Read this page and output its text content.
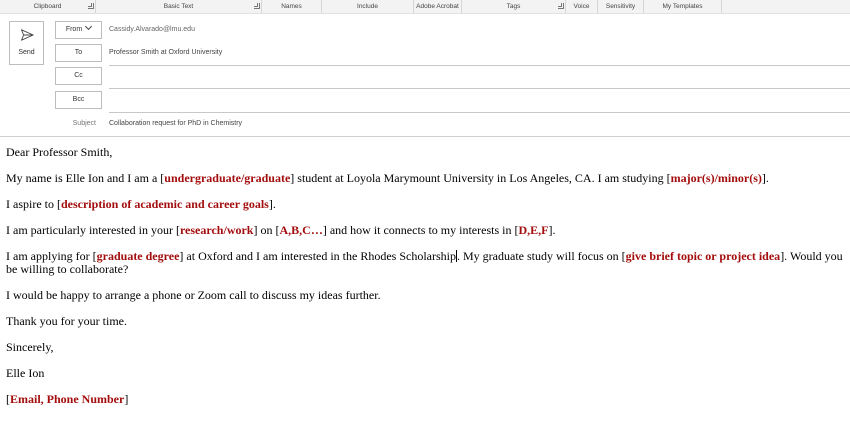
Clipboard	Basic Text	Names	Include	Adobe Acrobat	Tags	Voice	Sensitivity	My Templates
Send
From	Cassidy.Alvarado@lmu.edu
To	Professor Smith at Oxford University
Cc
Bcc
Subject Collaboration request for PhD in Chemistry

Dear Professor Smith,

My name is Elle Ion and I am a [undergraduate/graduate] student at Loyola Marymount University in Los Angeles, CA. I am studying [major(s)/minor(s)].

I aspire to [description of academic and career goals].

I am particularly interested in your [research/work] on [A,B,C…] and how it connects to my interests in [D,E,F].

I am applying for [graduate degree] at Oxford and I am interested in the Rhodes Scholarship. My graduate study will focus on [give brief topic or project idea]. Would you be willing to collaborate?

I would be happy to arrange a phone or Zoom call to discuss my ideas further.

Thank you for your time.

Sincerely,

Elle Ion

[Email, Phone Number]
